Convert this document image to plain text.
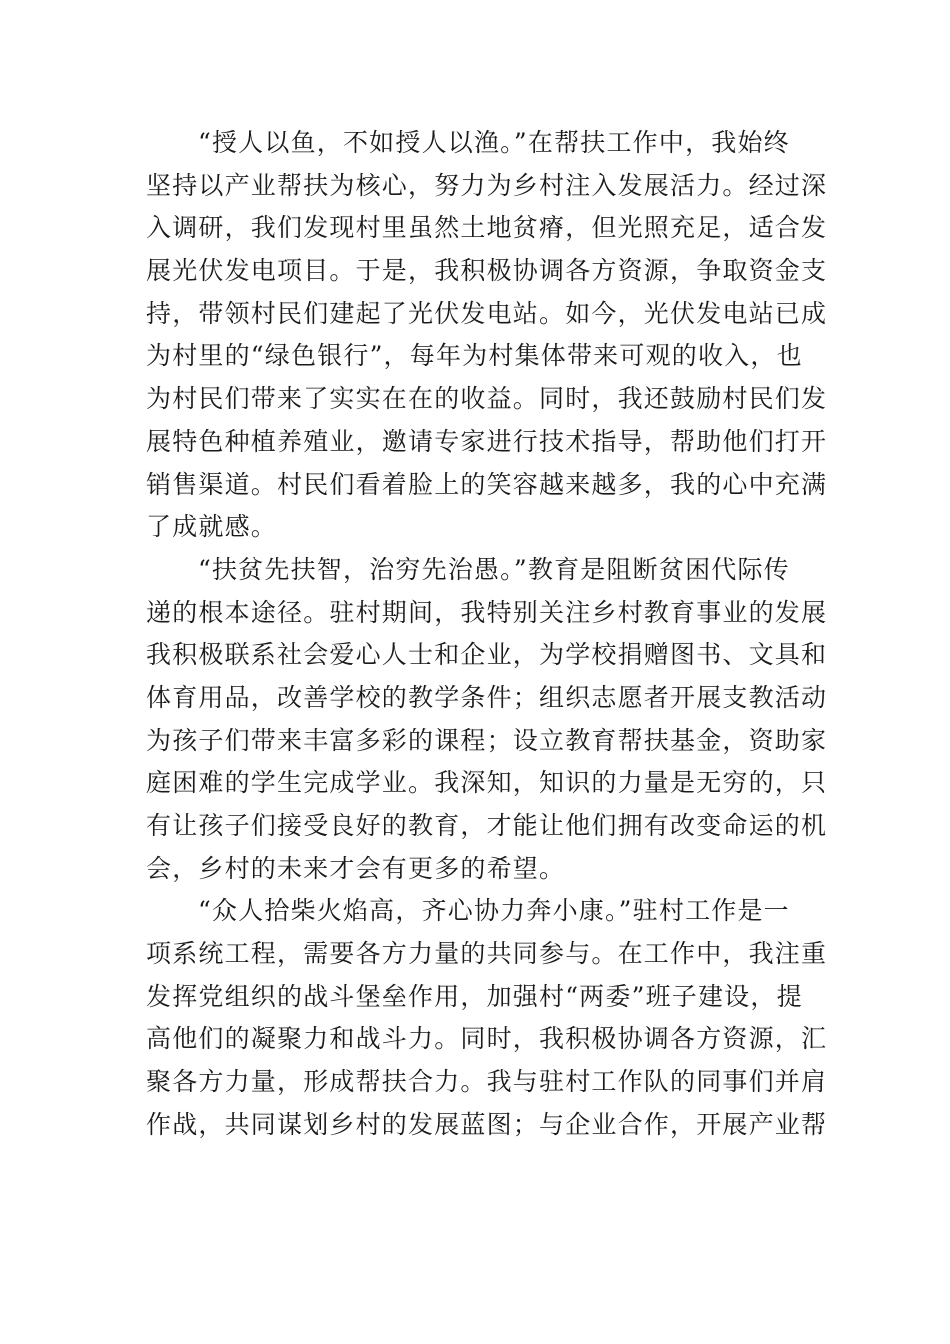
“授人以鱼，不如授人以渔。”在帮扶工作中，我始终
坚持以产业帮扶为核心，努力为乡村注入发展活力。经过深
入调研，我们发现村里虽然土地贫瘠，但光照充足，适合发
展光伏发电项目。于是，我积极协调各方资源，争取资金支
持，带领村民们建起了光伏发电站。如今，光伏发电站已成
为村里的“绿色银行”，每年为村集体带来可观的收入，也
为村民们带来了实实在在的收益。同时，我还鼓励村民们发
展特色种植养殖业，邀请专家进行技术指导，帮助他们打开
销售渠道。村民们看着脸上的笑容越来越多，我的心中充满
了成就感。
“扶贫先扶智，治穷先治愚。”教育是阻断贫困代际传
递的根本途径。驻村期间，我特别关注乡村教育事业的发展
我积极联系社会爱心人士和企业，为学校捐赠图书、文具和
体育用品，改善学校的教学条件；组织志愿者开展支教活动
为孩子们带来丰富多彩的课程；设立教育帮扶基金，资助家
庭困难的学生完成学业。我深知，知识的力量是无穷的，只
有让孩子们接受良好的教育，才能让他们拥有改变命运的机
会，乡村的未来才会有更多的希望。
“众人拾柴火焰高，齐心协力奔小康。”驻村工作是一
项系统工程，需要各方力量的共同参与。在工作中，我注重
发挥党组织的战斗堡垒作用，加强村“两委”班子建设，提
高他们的凝聚力和战斗力。同时，我积极协调各方资源，汇
聚各方力量，形成帮扶合力。我与驻村工作队的同事们并肩
作战，共同谋划乡村的发展蓝图；与企业合作，开展产业帮
